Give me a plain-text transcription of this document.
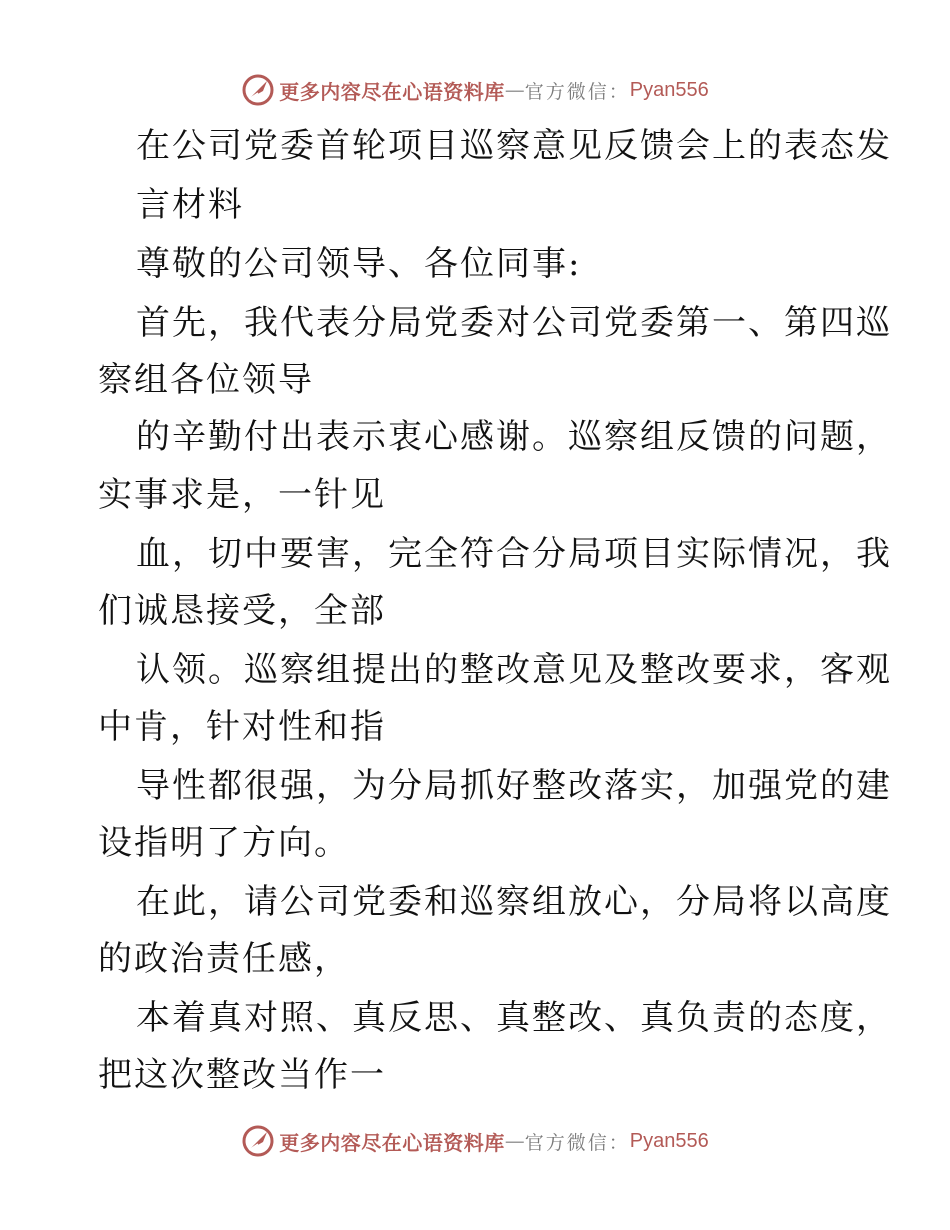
更多内容尽在心语资料库 — 官方微信： Pyan556
在公司党委首轮项目巡察意见反馈会上的表态发
言材料
尊敬的公司领导、各位同事:
首先，我代表分局党委对公司党委第一、第四巡
察组各位领导
的辛勤付出表示衷心感谢。巡察组反馈的问题，
实事求是，一针见
血，切中要害，完全符合分局项目实际情况，我
们诚恳接受，全部
认领。巡察组提出的整改意见及整改要求，客观
中肯，针对性和指
导性都很强，为分局抓好整改落实，加强党的建
设指明了方向。
在此，请公司党委和巡察组放心，分局将以高度
的政治责任感，
本着真对照、真反思、真整改、真负责的态度，
把这次整改当作一
更多内容尽在心语资料库 — 官方微信： Pyan556
